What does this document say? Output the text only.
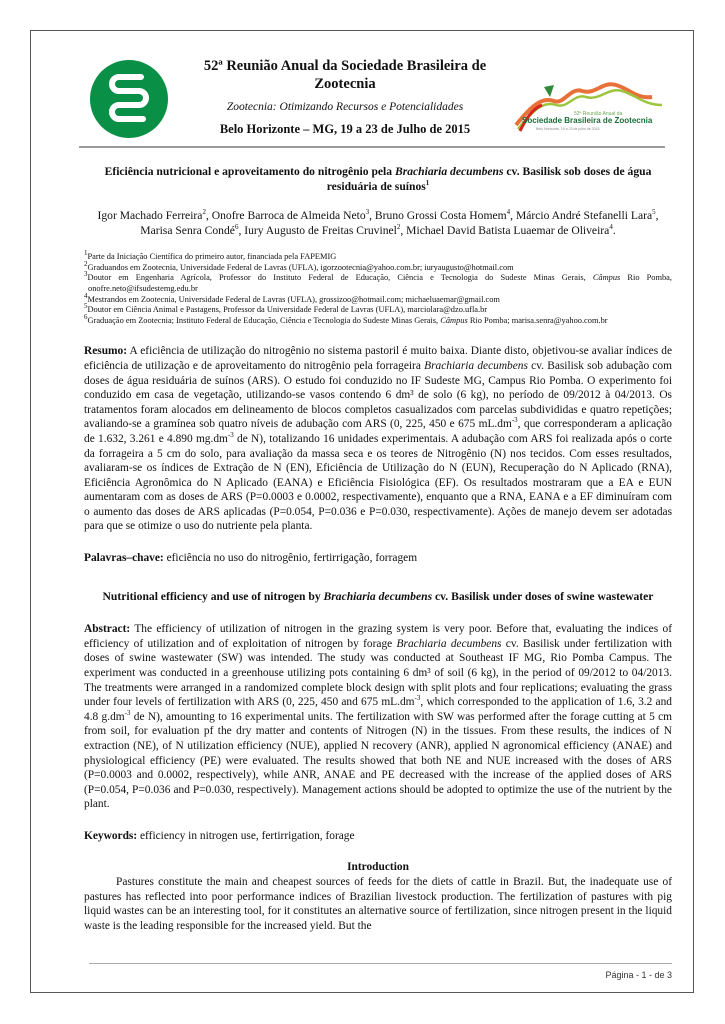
52ª Reunião Anual da Sociedade Brasileira de
Zootecnia
Zootecnia: Otimizando Recursos e Potencialidades
Belo Horizonte – MG, 19 a 23 de Julho de 2015
52ª Reunião Anual da
Sociedade Brasileira de Zootecnia
Belo Horizonte, 19 a 23 de julho de 2015
Eficiência nutricional e aproveitamento do nitrogênio pela Brachiaria decumbens cv. Basilisk sob doses de água residuária de suínos$^1$
Igor Machado Ferreira$^2$, Onofre Barroca de Almeida Neto$^3$, Bruno Grossi Costa Homem$^4$, Márcio André Stefanelli Lara$^5$, Marisa Senra Condé$^6$, Iury Augusto de Freitas Cruvinel$^2$, Michael David Batista Luaemar de Oliveira$^4$.
$^1$Parte da Iniciação Científica do primeiro autor, financiada pela FAPEMIG
$^2$Graduandos em Zootecnia, Universidade Federal de Lavras (UFLA), igorzootecnia@yahoo.com.br; iuryaugusto@hotmail.com
$^3$Doutor em Engenharia Agrícola, Professor do Instituto Federal de Educação, Ciência e Tecnologia do Sudeste Minas Gerais, Câmpus Rio Pomba, onofre.neto@ifsudestemg.edu.br
$^4$Mestrandos em Zootecnia, Universidade Federal de Lavras (UFLA), grossizoo@hotmail.com; michaeluaemar@gmail.com
$^5$Doutor em Ciência Animal e Pastagens, Professor da Universidade Federal de Lavras (UFLA), marciolara@dzo.ufla.br
$^6$Graduação em Zootecnia; Instituto Federal de Educação, Ciência e Tecnologia do Sudeste Minas Gerais, Câmpus Rio Pomba; marisa.senra@yahoo.com.br
Resumo: A eficiência de utilização do nitrogênio no sistema pastoril é muito baixa. Diante disto, objetivou-se avaliar índices de eficiência de utilização e de aproveitamento do nitrogênio pela forrageira Brachiaria decumbens cv. Basilisk sob adubação com doses de água residuária de suínos (ARS). O estudo foi conduzido no IF Sudeste MG, Campus Rio Pomba. O experimento foi conduzido em casa de vegetação, utilizando-se vasos contendo 6 dm³ de solo (6 kg), no período de 09/2012 à 04/2013. Os tratamentos foram alocados em delineamento de blocos completos casualizados com parcelas subdivididas e quatro repetições; avaliando-se a gramínea sob quatro níveis de adubação com ARS (0, 225, 450 e 675 $mL.dm^{-3}$, que corresponderam a aplicação de 1.632, 3.261 e 4.890 $mg.dm^{-3}$ de N), totalizando 16 unidades experimentais. A adubação com ARS foi realizada após o corte da forrageira a 5 cm do solo, para avaliação da massa seca e os teores de Nitrogênio (N) nos tecidos. Com esses resultados, avaliaram-se os índices de Extração de N (EN), Eficiência de Utilização do N (EUN), Recuperação do N Aplicado (RNA), Eficiência Agronômica do N Aplicado (EANA) e Eficiência Fisiológica (EF). Os resultados mostraram que a EA e EUN aumentaram com as doses de ARS (P=0.0003 e 0.0002, respectivamente), enquanto que a RNA, EANA e a EF diminuíram com o aumento das doses de ARS aplicadas (P=0.054, P=0.036 e P=0.030, respectivamente). Ações de manejo devem ser adotadas para que se otimize o uso do nutriente pela planta.
Palavras–chave: eficiência no uso do nitrogênio, fertirrigação, forragem
Nutritional efficiency and use of nitrogen by Brachiaria decumbens cv. Basilisk under doses of swine wastewater
Abstract: The efficiency of utilization of nitrogen in the grazing system is very poor. Before that, evaluating the indices of efficiency of utilization and of exploitation of nitrogen by forage Brachiaria decumbens cv. Basilisk under fertilization with doses of swine wastewater (SW) was intended. The study was conducted at Southeast IF MG, Rio Pomba Campus. The experiment was conducted in a greenhouse utilizing pots containing 6 dm³ of soil (6 kg), in the period of 09/2012 to 04/2013. The treatments were arranged in a randomized complete block design with split plots and four replications; evaluating the grass under four levels of fertilization with ARS (0, 225, 450 and 675 $mL.dm^{-3}$, which corresponded to the application of 1.6, 3.2 and 4.8 $g.dm^{-3}$ de N), amounting to 16 experimental units. The fertilization with SW was performed after the forage cutting at 5 cm from soil, for evaluation pf the dry matter and contents of Nitrogen (N) in the tissues. From these results, the indices of N extraction (NE), of N utilization efficiency (NUE), applied N recovery (ANR), applied N agronomical efficiency (ANAE) and physiological efficiency (PE) were evaluated. The results showed that both NE and NUE increased with the doses of ARS (P=0.0003 and 0.0002, respectively), while ANR, ANAE and PE decreased with the increase of the applied doses of ARS (P=0.054, P=0.036 and P=0.030, respectively). Management actions should be adopted to optimize the use of the nutrient by the plant.
Keywords: efficiency in nitrogen use, fertirrigation, forage
Introduction
Pastures constitute the main and cheapest sources of feeds for the diets of cattle in Brazil. But, the inadequate use of pastures has reflected into poor performance indices of Brazilian livestock production. The fertilization of pastures with pig liquid wastes can be an interesting tool, for it constitutes an alternative source of fertilization, since nitrogen present in the liquid waste is the leading responsible for the increased yield. But the
Página - 1 - de 3
